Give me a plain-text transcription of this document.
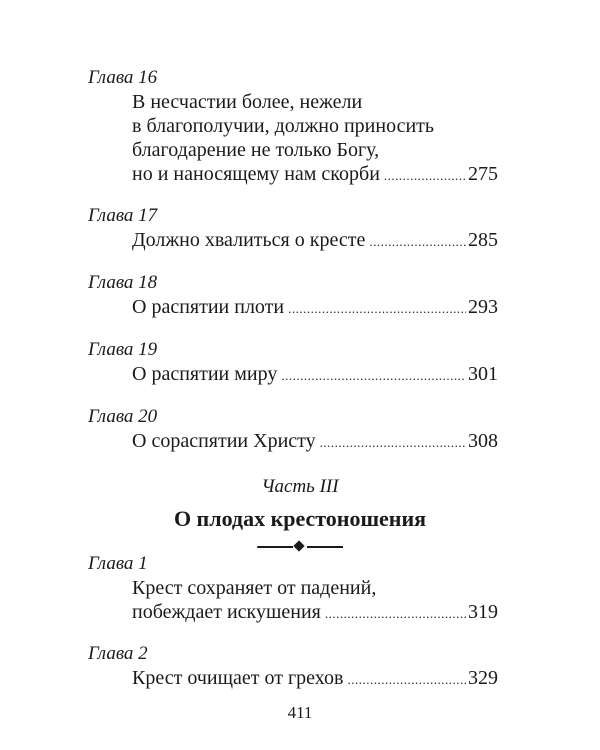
Глава 16
В несчастии более, нежели
в благополучии, должно приносить
благодарение не только Богу,
но и наносящему нам скорби .....	275
Глава 17
Должно хвалиться о кресте .....	285
Глава 18
О распятии плоти .....	293
Глава 19
О распятии миру .....	301
Глава 20
О сораспятии Христу .....	308
Часть III
О плодах крестоношения
Глава 1
Крест сохраняет от падений,
побеждает искушения .....	319
Глава 2
Крест очищает от грехов .....	329
411
